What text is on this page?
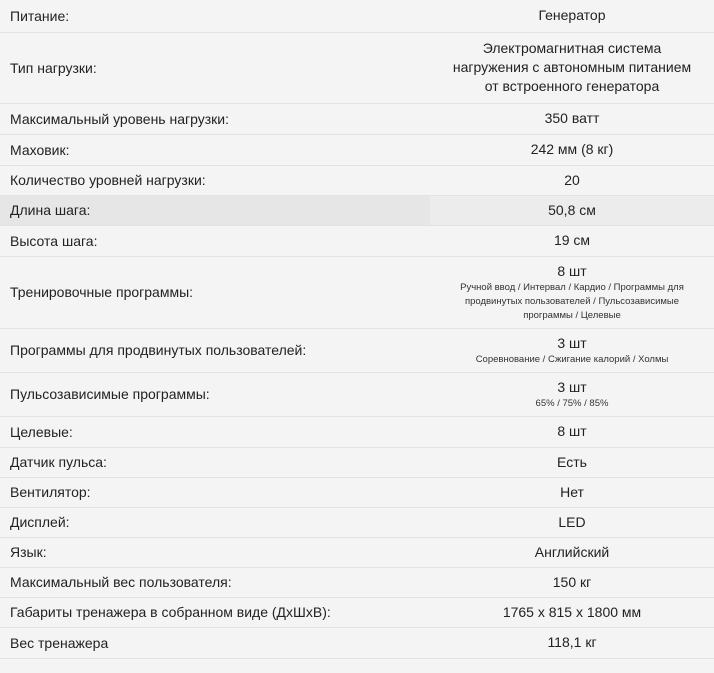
Питание:	Генератор

Тип нагрузки:	Электромагнитная система нагружения с автономным питанием от встроенного генератора

Максимальный уровень нагрузки:	350 ватт

Маховик:	242 мм (8 кг)

Количество уровней нагрузки:	20

Длина шага:	50,8 см

Высота шага:	19 см

Тренировочные программы:	8 шт
Ручной ввод / Интервал / Кардио / Программы для продвинутых пользователей / Пульсозависимые программы / Целевые

Программы для продвинутых пользователей:	3 шт
Соревнование / Сжигание калорий / Холмы

Пульсозависимые программы:	3 шт
65% / 75% / 85%

Целевые:	8 шт

Датчик пульса:	Есть

Вентилятор:	Нет

Дисплей:	LED

Язык:	Английский

Максимальный вес пользователя:	150 кг

Габариты тренажера в собранном виде (ДхШхВ):	1765 х 815 х 1800 мм

Вес тренажера	118,1 кг
